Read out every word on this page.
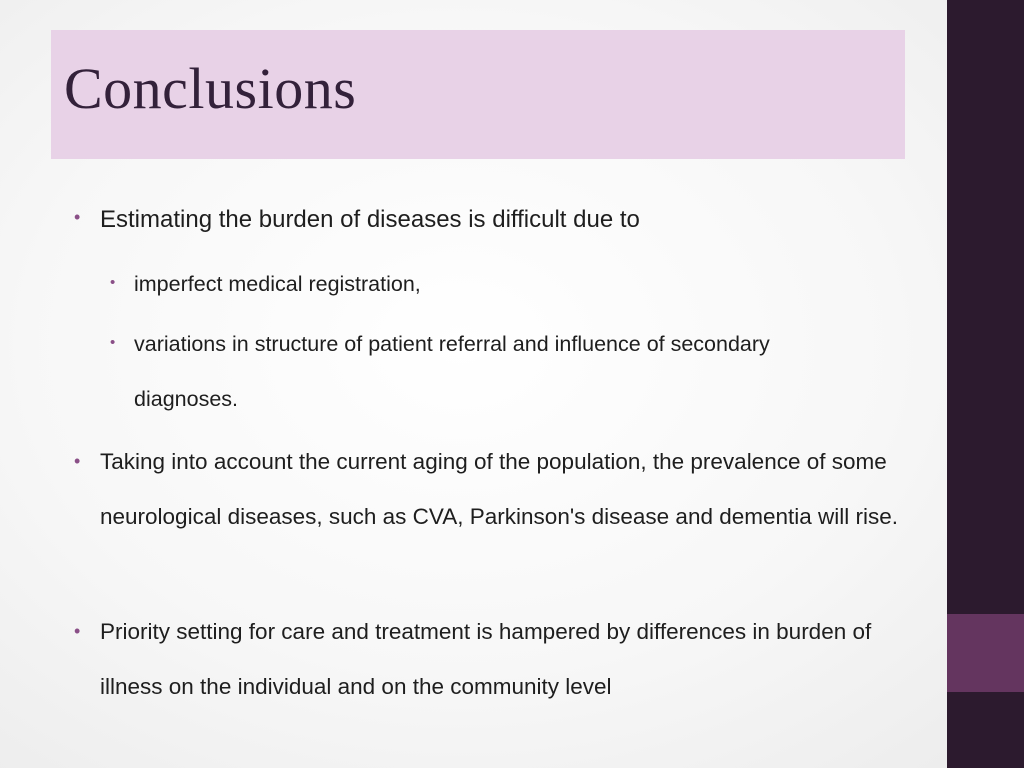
Conclusions
• Estimating the burden of diseases is difficult due to
• imperfect medical registration,
• variations in structure of patient referral and influence of secondary diagnoses.
• Taking into account the current aging of the population, the prevalence of some neurological diseases, such as CVA, Parkinson's disease and dementia will rise.
• Priority setting for care and treatment is hampered by differences in burden of illness on the individual and on the community level
